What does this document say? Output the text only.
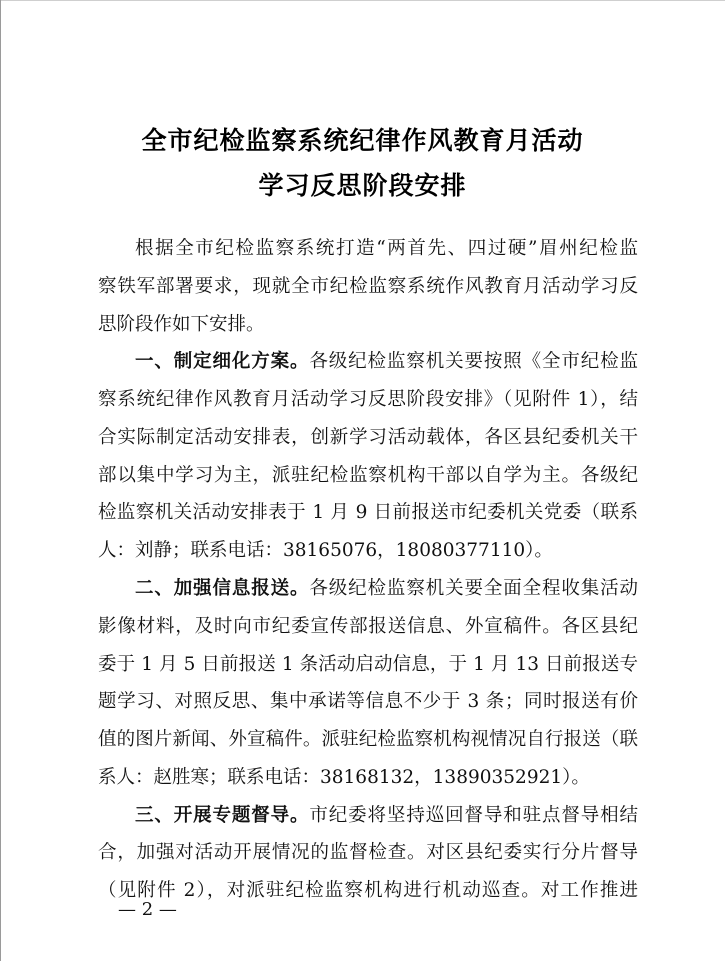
全市纪检监察系统纪律作风教育月活动
学习反思阶段安排
根据全市纪检监察系统打造“两首先、四过硬”眉州纪检监
察铁军部署要求，现就全市纪检监察系统作风教育月活动学习反
思阶段作如下安排。
一、制定细化方案。各级纪检监察机关要按照《全市纪检监
察系统纪律作风教育月活动学习反思阶段安排》（见附件 1），结
合实际制定活动安排表，创新学习活动载体，各区县纪委机关干
部以集中学习为主，派驻纪检监察机构干部以自学为主。各级纪
检监察机关活动安排表于 1 月 9 日前报送市纪委机关党委（联系
人：刘静；联系电话：38165076，18080377110）。
二、加强信息报送。各级纪检监察机关要全面全程收集活动
影像材料，及时向市纪委宣传部报送信息、外宣稿件。各区县纪
委于 1 月 5 日前报送 1 条活动启动信息，于 1 月 13 日前报送专
题学习、对照反思、集中承诺等信息不少于 3 条；同时报送有价
值的图片新闻、外宣稿件。派驻纪检监察机构视情况自行报送（联
系人：赵胜寒；联系电话：38168132，13890352921）。
三、开展专题督导。市纪委将坚持巡回督导和驻点督导相结
合，加强对活动开展情况的监督检查。对区县纪委实行分片督导
（见附件 2），对派驻纪检监察机构进行机动巡查。对工作推进
— 2 —
